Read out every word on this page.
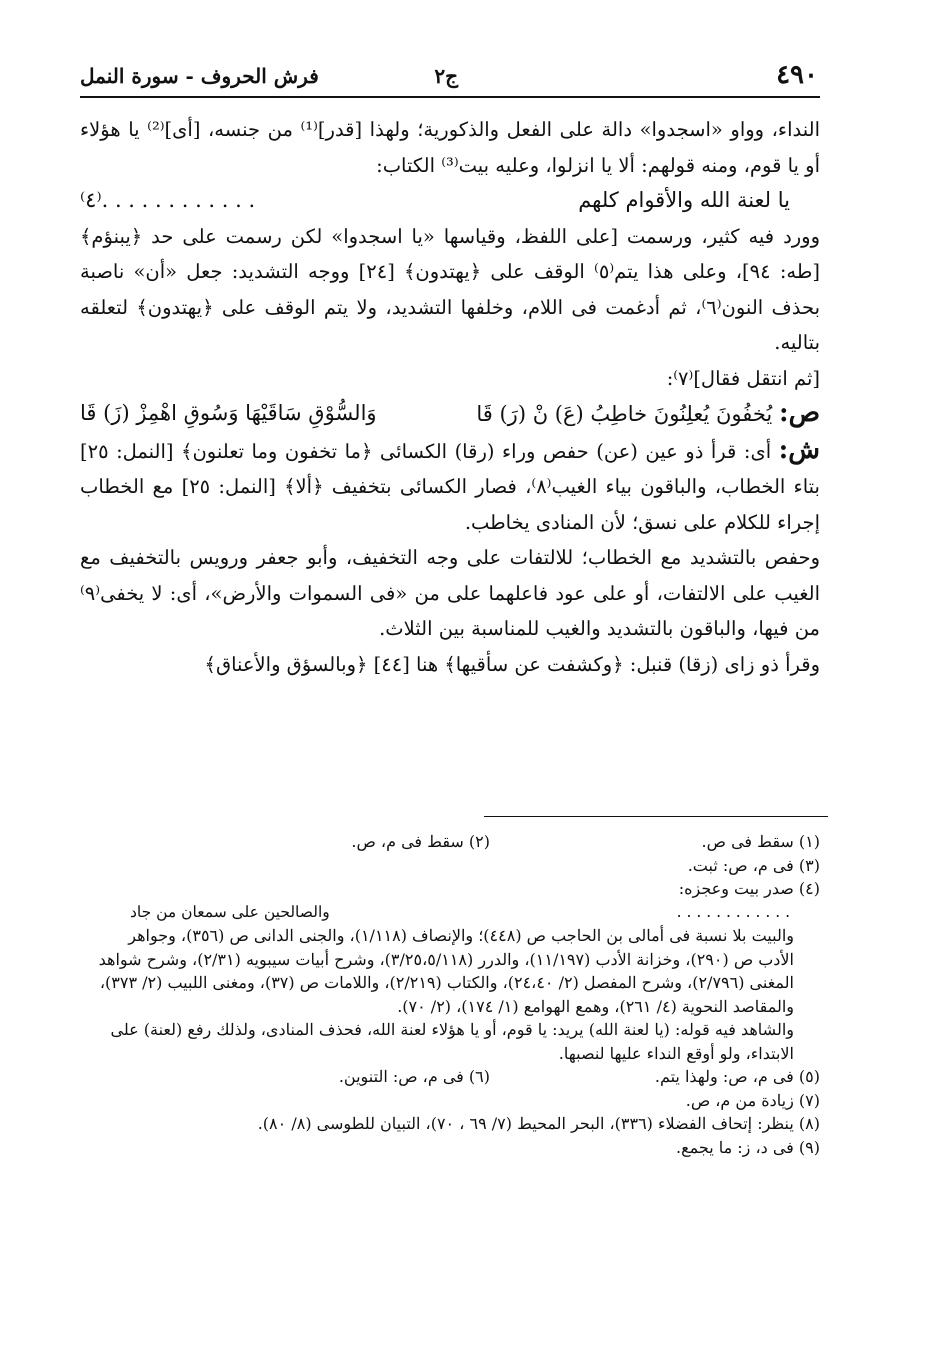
٤٩٠
ج٢
فرش الحروف - سورة النمل

النداء، وواو «اسجدوا» دالة على الفعل والذكورية؛ ولهذا [قدر]⁽¹⁾ من جنسه، [أى]⁽²⁾ يا هؤلاء أو يا قوم، ومنه قولهم: ألا يا انزلوا، وعليه بيت⁽³⁾ الكتاب:

يا لعنة الله والأقوام كلهم
. . . . . . . . . . . .⁽٤⁾

وورد فيه كثير، ورسمت [على اللفظ، وقياسها «يا اسجدوا» لكن رسمت على حد ﴿يبنؤم﴾ [طه: ٩٤]، وعلى هذا يتم⁽٥⁾ الوقف على ﴿يهتدون﴾ [٢٤] ووجه التشديد: جعل «أن» ناصبة بحذف النون⁽٦⁾، ثم أدغمت فى اللام، وخلفها التشديد، ولا يتم الوقف على ﴿يهتدون﴾ لتعلقه بتاليه.

[ثم انتقل فقال]⁽٧⁾:

ص: يُخفُونَ يُعلِنُونَ خاطِبُ (عَ) نْ (رَ) قَا
وَالسُّوْقِ سَاقَيْهَا وَسُوقِ اهْمِزْ (زَ) قَا

ش: أى: قرأ ذو عين (عن) حفص وراء (رقا) الكسائى ﴿ما تخفون وما تعلنون﴾ [النمل: ٢٥] بتاء الخطاب، والباقون بياء الغيب⁽٨⁾، فصار الكسائى بتخفيف ﴿ألا﴾ [النمل: ٢٥] مع الخطاب إجراء للكلام على نسق؛ لأن المنادى يخاطب.

وحفص بالتشديد مع الخطاب؛ للالتفات على وجه التخفيف، وأبو جعفر ورويس بالتخفيف مع الغيب على الالتفات، أو على عود فاعلهما على من «فى السموات والأرض»، أى: لا يخفى⁽٩⁾ من فيها، والباقون بالتشديد والغيب للمناسبة بين الثلاث.

وقرأ ذو زاى (زقا) قنبل: ﴿وكشفت عن سأقيها﴾ هنا [٤٤] ﴿وبالسؤق والأعناق﴾

(١) سقط فى ص.
(٢) سقط فى م، ص.
(٣) فى م، ص: ثبت.
(٤) صدر بيت وعجزه:
. . . . . . . . . . . .
والصالحين على سمعان من جاد
والبيت بلا نسبة فى أمالى بن الحاجب ص (٤٤٨)؛ والإنصاف (١/١١٨)، والجنى الدانى ص (٣٥٦)، وجواهر الأدب ص (٢٩٠)، وخزانة الأدب (١١/١٩٧)، والدرر (٣/٢٥،٥/١١٨)، وشرح أبيات سيبويه (٢/٣١)، وشرح شواهد المغنى (٢/٧٩٦)، وشرح المفصل (٢/ ٢٤،٤٠)، والكتاب (٢/٢١٩)، واللامات ص (٣٧)، ومغنى اللبيب (٢/ ٣٧٣)، والمقاصد النحوية (٤/ ٢٦١)، وهمع الهوامع (١/ ١٧٤)، (٢/ ٧٠).
والشاهد فيه قوله: (يا لعنة الله) يريد: يا قوم، أو يا هؤلاء لعنة الله، فحذف المنادى، ولذلك رفع (لعنة) على الابتداء، ولو أوقع النداء عليها لنصبها.
(٥) فى م، ص: ولهذا يتم.
(٦) فى م، ص: التنوين.
(٧) زيادة من م، ص.
(٨) ينظر: إتحاف الفضلاء (٣٣٦)، البحر المحيط (٧/ ٦٩ ، ٧٠)، التبيان للطوسى (٨/ ٨٠).
(٩) فى د، ز: ما يجمع.
